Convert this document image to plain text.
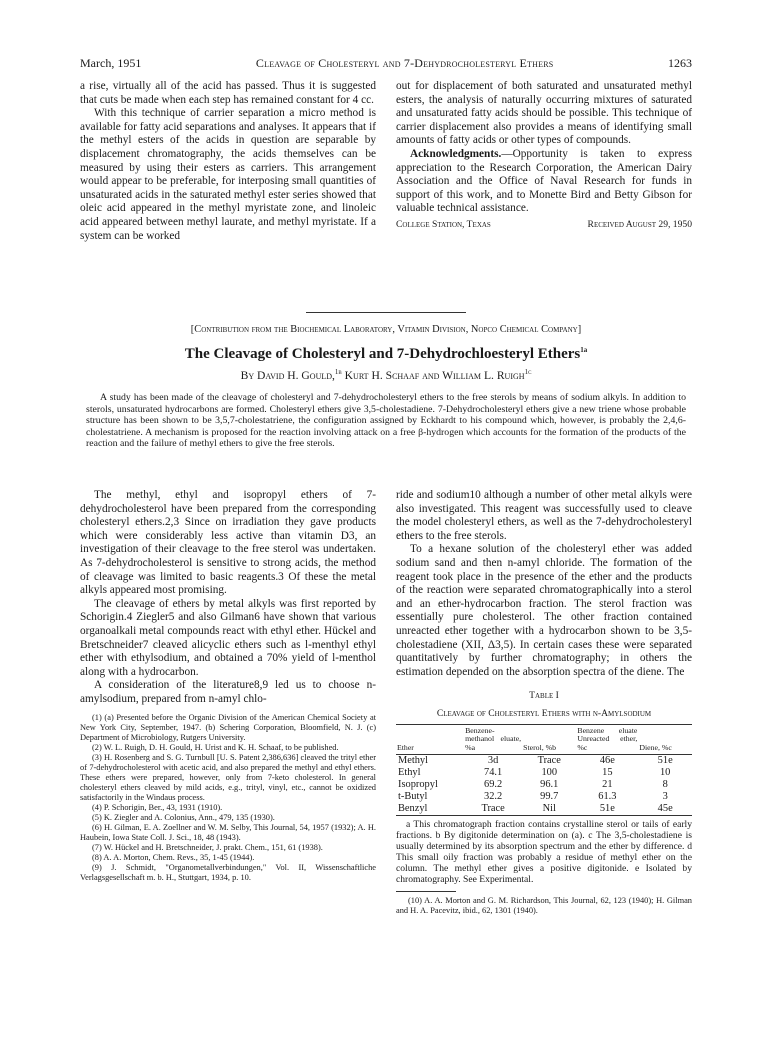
March, 1951	Cleavage of Cholesteryl and 7-Dehydrocholesteryl Ethers	1263

a rise, virtually all of the acid has passed. Thus it is suggested that cuts be made when each step has remained constant for 4 cc.

With this technique of carrier separation a micro method is available for fatty acid separations and analyses. It appears that if the methyl esters of the acids in question are separable by displacement chromatography, the acids themselves can be measured by using their esters as carriers. This arrangement would appear to be preferable, for interposing small quantities of unsaturated acids in the saturated methyl ester series showed that oleic acid appeared in the methyl myristate zone, and linoleic acid appeared between methyl laurate, and methyl myristate. If a system can be worked

out for displacement of both saturated and unsaturated methyl esters, the analysis of naturally occurring mixtures of saturated and unsaturated fatty acids should be possible. This technique of carrier displacement also provides a means of identifying small amounts of fatty acids or other types of compounds.

Acknowledgments.—Opportunity is taken to express appreciation to the Research Corporation, the American Dairy Association and the Office of Naval Research for funds in support of this work, and to Monette Bird and Betty Gibson for valuable technical assistance.

College Station, Texas	Received August 29, 1950
[Contribution from the Biochemical Laboratory, Vitamin Division, Nopco Chemical Company]
The Cleavage of Cholesteryl and 7-Dehydrochloesteryl Ethers$^{1a}$
By David H. Gould,$^{1b}$ Kurt H. Schaaf and William L. Ruigh$^{1c}$
A study has been made of the cleavage of cholesteryl and 7-dehydrocholesteryl ethers to the free sterols by means of sodium alkyls. In addition to sterols, unsaturated hydrocarbons are formed. Cholesteryl ethers give 3,5-cholestadiene. 7-Dehydrocholesteryl ethers give a new triene whose probable structure has been shown to be 3,5,7-cholestatriene, the configuration assigned by Eckhardt to his compound which, however, is probably the 2,4,6-cholestatriene. A mechanism is proposed for the reaction involving attack on a free β-hydrogen which accounts for the formation of the products of the reaction and the failure of methyl ethers to give the free sterols.

The methyl, ethyl and isopropyl ethers of 7-dehydrocholesterol have been prepared from the corresponding cholesteryl ethers.2,3 Since on irradiation they gave products which were considerably less active than vitamin D3, an investigation of their cleavage to the free sterol was undertaken. As 7-dehydrocholesterol is sensitive to strong acids, the method of cleavage was limited to basic reagents.3 Of these the metal alkyls appeared most promising.

The cleavage of ethers by metal alkyls was first reported by Schorigin.4 Ziegler5 and also Gilman6 have shown that various organoalkali metal compounds react with ethyl ether. Hückel and Bretschneider7 cleaved alicyclic ethers such as l-menthyl ethyl ether with ethylsodium, and obtained a 70% yield of l-menthol along with a hydrocarbon.

A consideration of the literature8,9 led us to choose n-amylsodium, prepared from n-amyl chlo-

(1) (a) Presented before the Organic Division of the American Chemical Society at New York City, September, 1947. (b) Schering Corporation, Bloomfield, N. J. (c) Department of Microbiology, Rutgers University.

(2) W. L. Ruigh, D. H. Gould, H. Urist and K. H. Schaaf, to be published.

(3) H. Rosenberg and S. G. Turnbull [U. S. Patent 2,386,636] cleaved the trityl ether of 7-dehydrocholesterol with acetic acid, and also prepared the methyl and ethyl ethers. These ethers were prepared, however, only from 7-keto cholesterol. In general cholesteryl ethers cleaved by mild acids, e.g., trityl, vinyl, etc., cannot be oxidized satisfactorily in the Windaus process.

(4) P. Schorigin, Ber., 43, 1931 (1910).

(5) K. Ziegler and A. Colonius, Ann., 479, 135 (1930).

(6) H. Gilman, E. A. Zoellner and W. M. Selby, This Journal, 54, 1957 (1932); A. H. Haubein, Iowa State Coll. J. Sci., 18, 48 (1943).

(7) W. Hückel and H. Bretschneider, J. prakt. Chem., 151, 61 (1938).

(8) A. A. Morton, Chem. Revs., 35, 1-45 (1944).

(9) J. Schmidt, "Organometallverbindungen," Vol. II, Wissenschaftliche Verlagsgesellschaft m. b. H., Stuttgart, 1934, p. 10.

ride and sodium10 although a number of other metal alkyls were also investigated. This reagent was successfully used to cleave the model cholesteryl ethers, as well as the 7-dehydrocholesteryl ethers to the free sterols.

To a hexane solution of the cholesteryl ether was added sodium sand and then n-amyl chloride. The formation of the reagent took place in the presence of the ether and the products of the reaction were separated chromatographically into a sterol and an ether-hydrocarbon fraction. The sterol fraction was essentially pure cholesterol. The other fraction contained unreacted ether together with a hydrocarbon shown to be 3,5-cholestadiene (XII, Δ3,5). In certain cases these were separated quantitatively by further chromatography; in others the estimation depended on the absorption spectra of the diene. The

Table I
Cleavage of Cholesteryl Ethers with n-Amylsodium
Ether	Benzene-methanol eluate, %a	Sterol, %b	Benzene eluate Unreacted ether, %c	Diene, %c
Methyl	3d	Trace	46e	51e
Ethyl	74.1	100	15	10
Isopropyl	69.2	96.1	21	8
t-Butyl	32.2	99.7	61.3	3
Benzyl	Trace	Nil	51e	45e
a This chromatograph fraction contains crystalline sterol or tails of early fractions. b By digitonide determination on (a). c The 3,5-cholestadiene is usually determined by its absorption spectrum and the ether by difference. d This small oily fraction was probably a residue of methyl ether on the column. The methyl ether gives a positive digitonide. e Isolated by chromatography. See Experimental.

(10) A. A. Morton and G. M. Richardson, This Journal, 62, 123 (1940); H. Gilman and H. A. Pacevitz, ibid., 62, 1301 (1940).
